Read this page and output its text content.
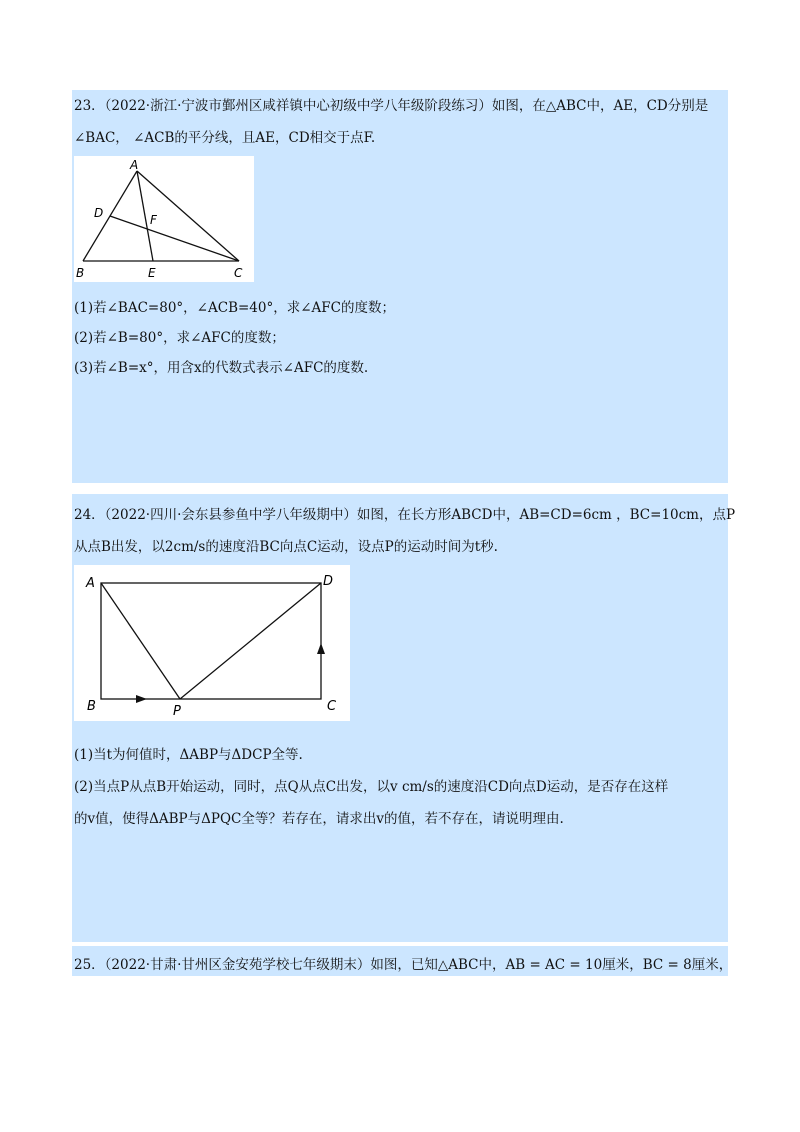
23．（2022·浙江·宁波市鄞州区咸祥镇中心初级中学八年级阶段练习）如图，在△ABC中，AE，CD分别是
∠BAC， ∠ACB的平分线，且AE，CD相交于点F.
A
D	F
B	E	C
(1)若∠BAC=80°，∠ACB=40°，求∠AFC的度数；
(2)若∠B=80°，求∠AFC的度数；
(3)若∠B=x°，用含x的代数式表示∠AFC的度数.
24．（2022·四川·会东县参鱼中学八年级期中）如图，在长方形ABCD中，AB=CD=6cm ，BC=10cm，点P
从点B出发，以2cm/s的速度沿BC向点C运动，设点P的运动时间为t秒.
A	D
B	P	C
(1)当t为何值时，ΔABP与ΔDCP全等.
(2)当点P从点B开始运动，同时，点Q从点C出发，以v cm/s的速度沿CD向点D运动，是否存在这样
的v值，使得ΔABP与ΔPQC全等？若存在，请求出v的值，若不存在，请说明理由.
25．（2022·甘肃·甘州区金安苑学校七年级期末）如图，已知△ABC中，AB = AC = 10厘米，BC = 8厘米，
